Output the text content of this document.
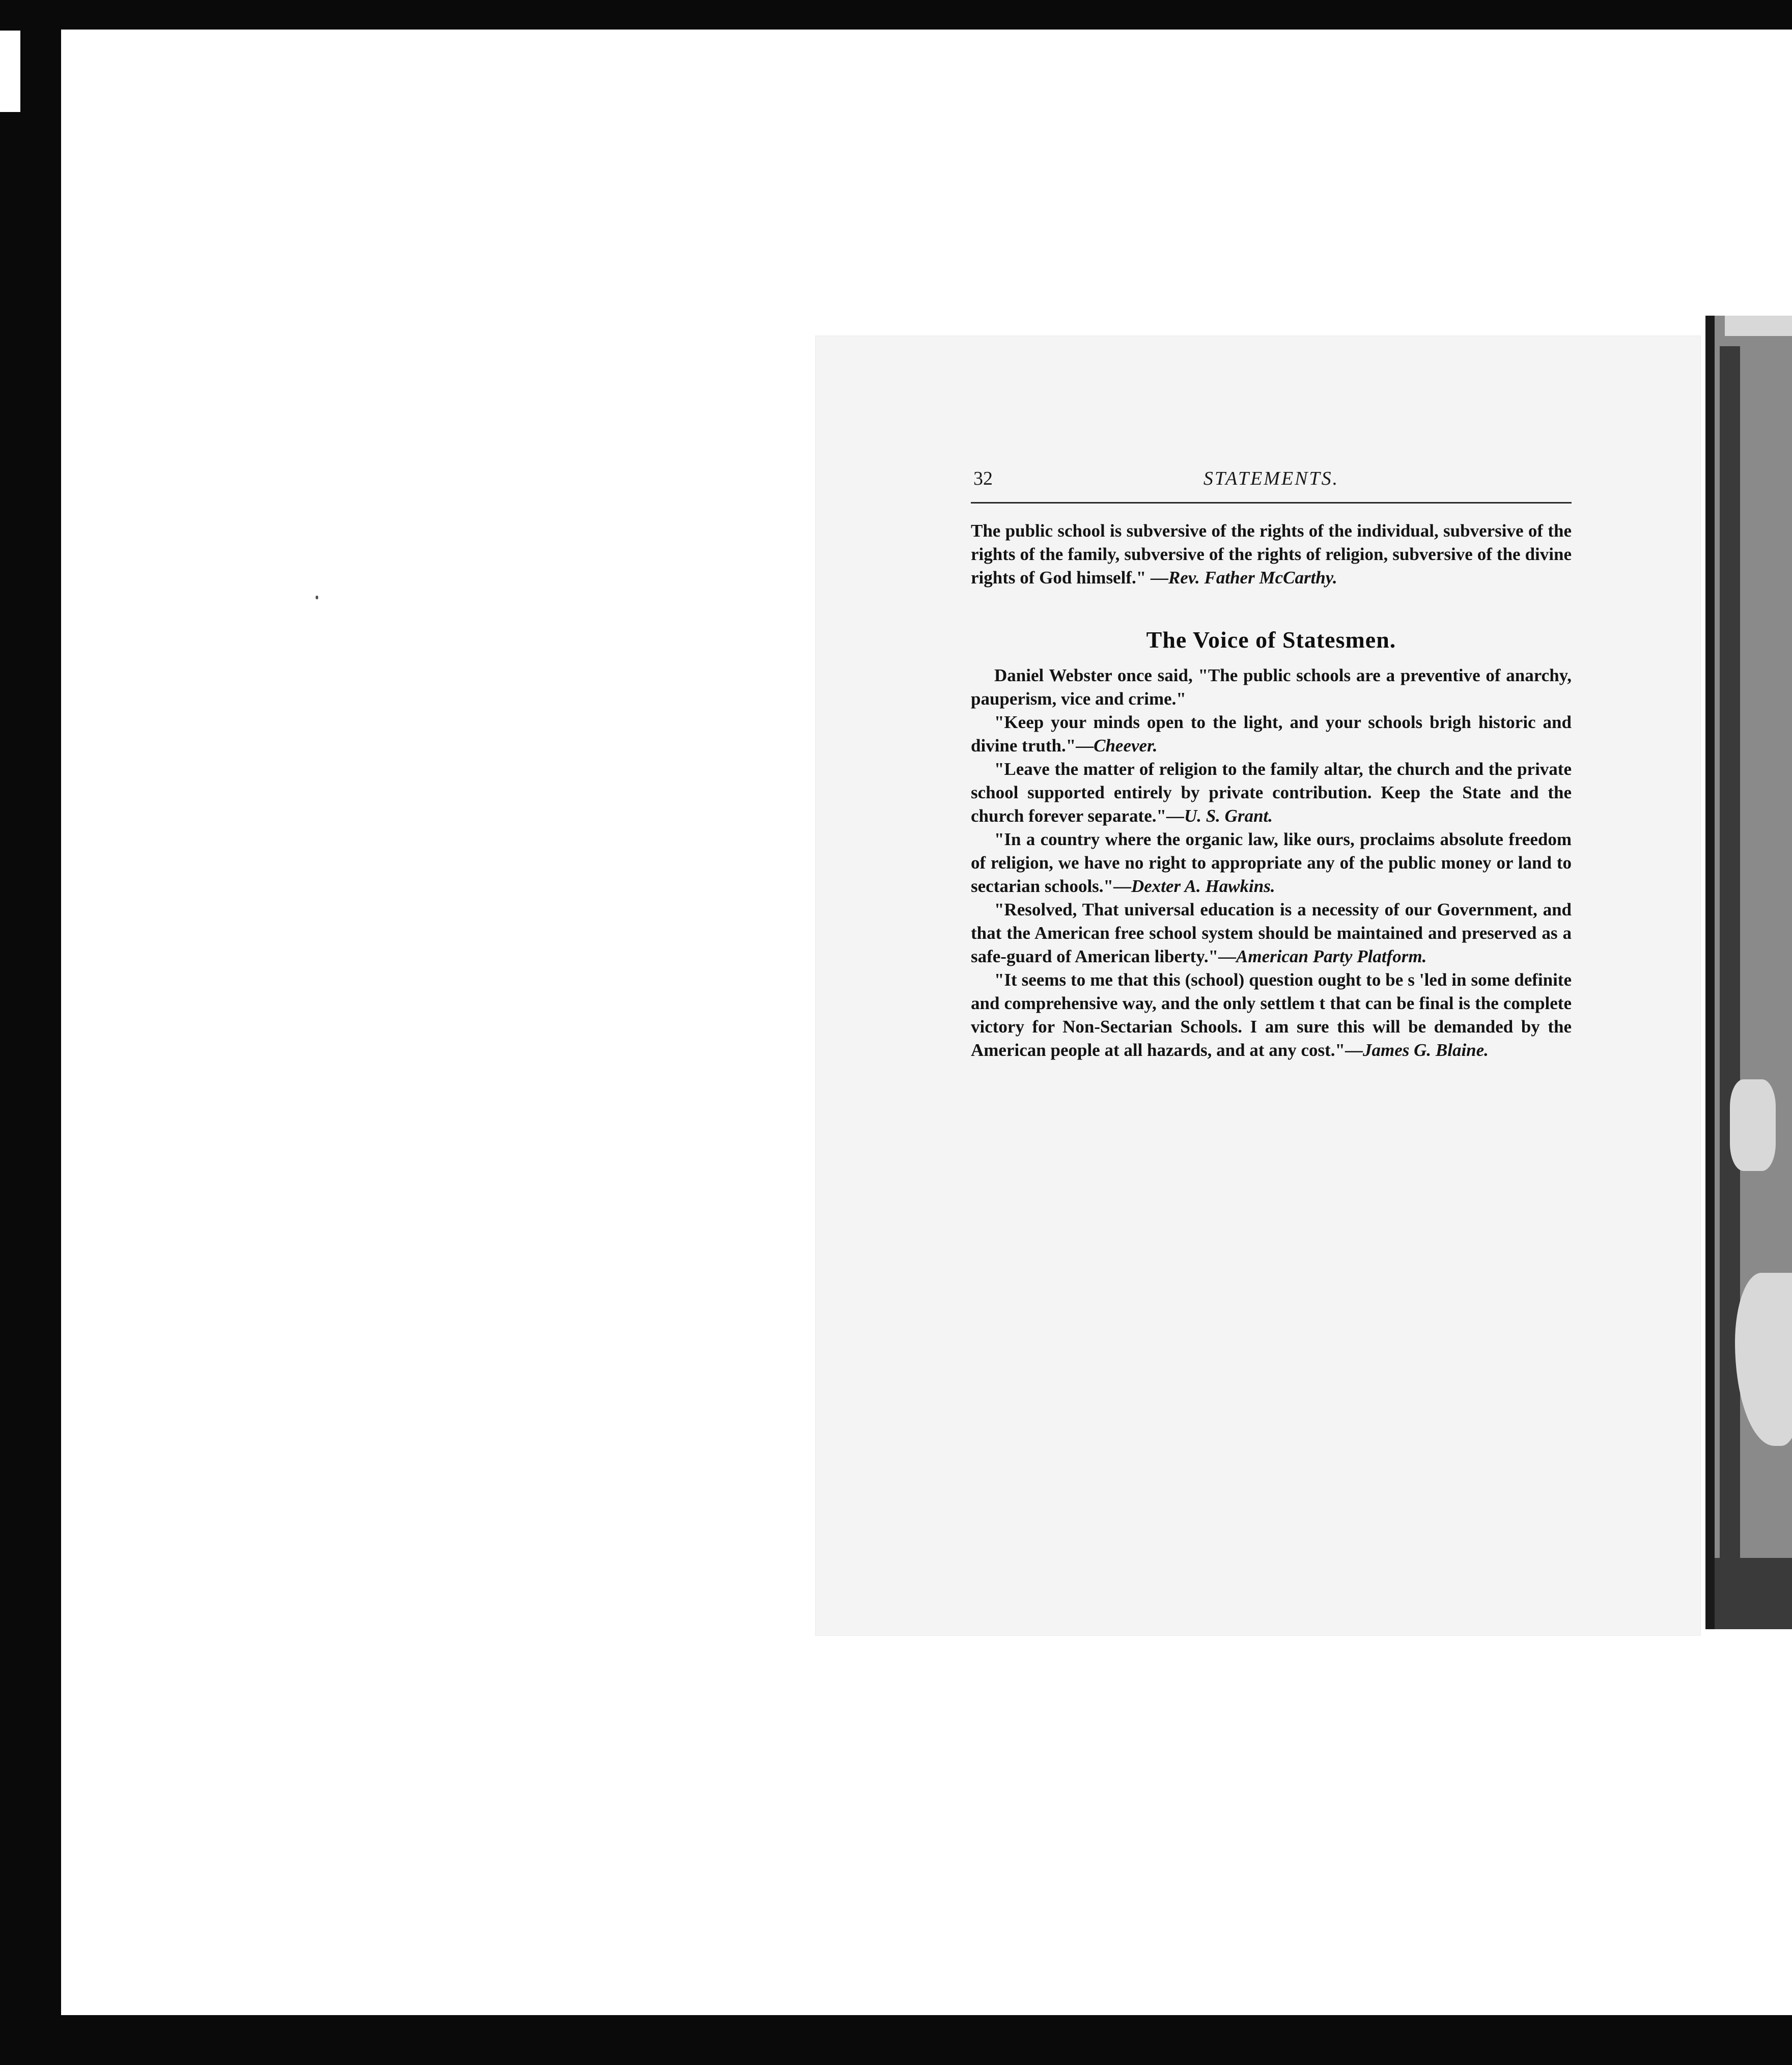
32	STATEMENTS.

The public school is subversive of the rights of the individual, subversive of the rights of the family, subversive of the rights of religion, subversive of the divine rights of God himself." —Rev. Father McCarthy.

The Voice of Statesmen.

Daniel Webster once said, "The public schools are a preventive of anarchy, pauperism, vice and crime."

"Keep your minds open to the light, and your schools brigh historic and divine truth."—Cheever.

"Leave the matter of religion to the family altar, the church and the private school supported entirely by private contribution. Keep the State and the church forever separate."—U. S. Grant.

"In a country where the organic law, like ours, proclaims absolute freedom of religion, we have no right to appropriate any of the public money or land to sectarian schools."—Dexter A. Hawkins.

"Resolved, That universal education is a necessity of our Government, and that the American free school system should be maintained and preserved as a safe-guard of American liberty."—American Party Platform.

"It seems to me that this (school) question ought to be s 'led in some definite and comprehensive way, and the only settlem t that can be final is the complete victory for Non-Sectarian Schools. I am sure this will be demanded by the American people at all hazards, and at any cost."—James G. Blaine.
